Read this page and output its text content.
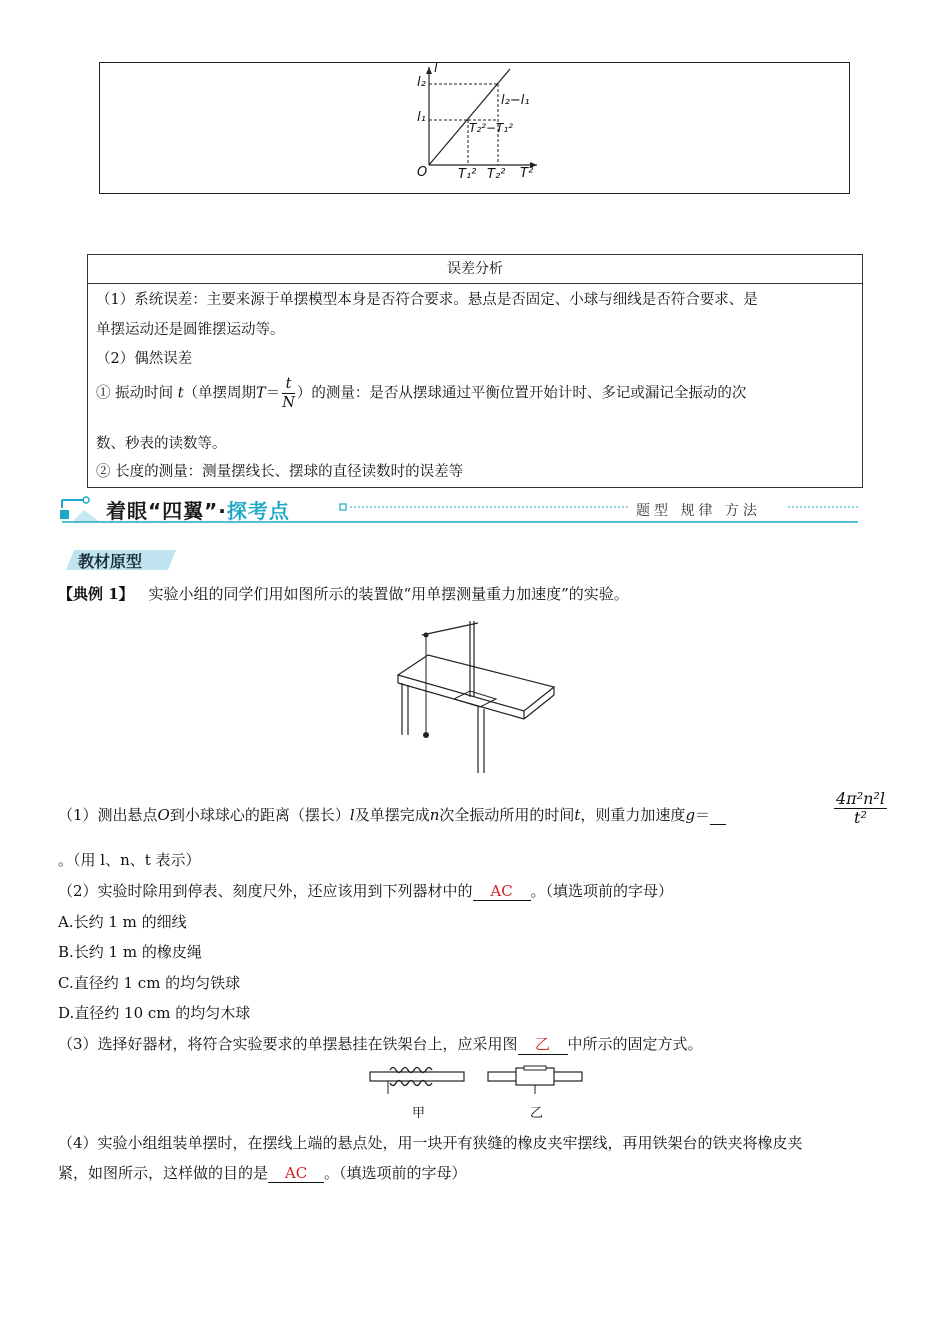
l
T²
O
l₁
l₂
T₁² T₂²
l₂−l₁
T₂²−T₁²
误差分析
（1）系统误差：主要来源于单摆模型本身是否符合要求。悬点是否固定、小球与细线是否符合要求、是
单摆运动还是圆锥摆运动等。
（2）偶然误差
① 振动时间 t（单摆周期$T= \frac{t}{N}$ ）的测量：是否从摆球通过平衡位置开始计时、多记或漏记全振动的次
数、秒表的读数等。
② 长度的测量：测量摆线长、摆球的直径读数时的误差等
着眼“四翼”·探考点	题型 规律 方法
教材原型
【典例 1】 实验小组的同学们用如图所示的装置做“用单摆测量重力加速度”的实验。
（1）测出悬点O到小球球心的距离（摆长）l及单摆完成n次全振动所用的时间t，则重力加速度g＝	$\frac{\text{4π²n²l}}{\text{t²}}$
。（用 l、n、t 表示）
（2）实验时除用到停表、刻度尺外，还应该用到下列器材中的 AC 。（填选项前的字母）
A.长约 1 m 的细线
B.长约 1 m 的橡皮绳
C.直径约 1 cm 的均匀铁球
D.直径约 10 cm 的均匀木球
（3）选择好器材，将符合实验要求的单摆悬挂在铁架台上，应采用图 乙 中所示的固定方式。
甲	乙
（4）实验小组组装单摆时，在摆线上端的悬点处，用一块开有狭缝的橡皮夹牢摆线，再用铁架台的铁夹将橡皮夹
紧，如图所示，这样做的目的是 AC 。（填选项前的字母）
